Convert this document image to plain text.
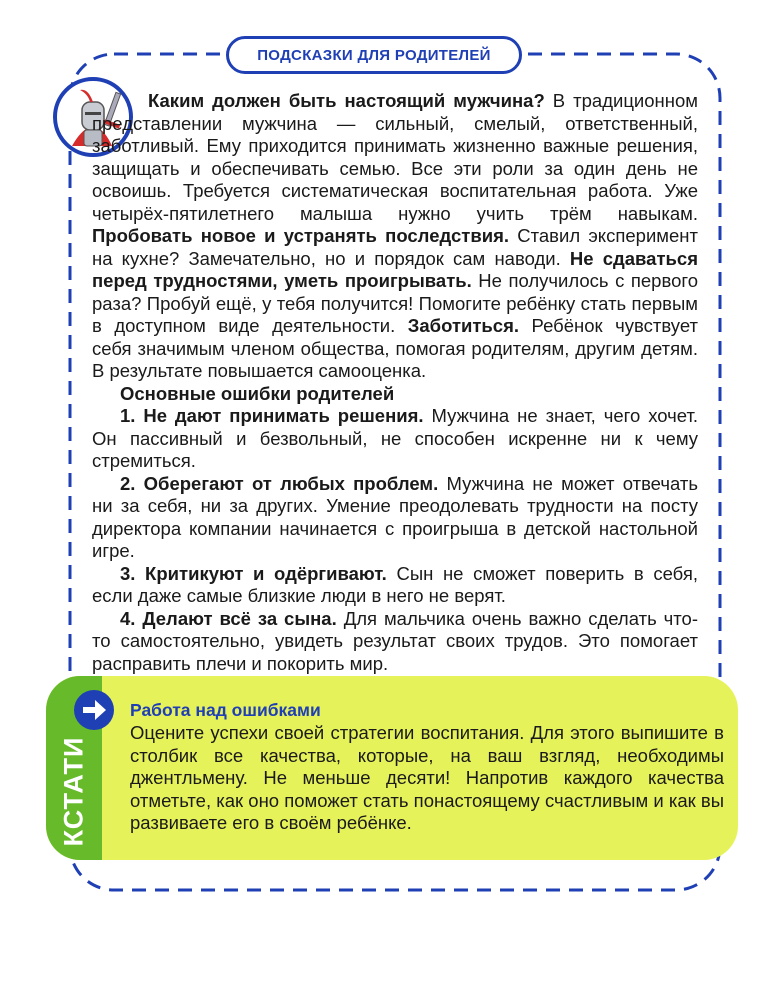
ПОДСКАЗКИ ДЛЯ РОДИТЕЛЕЙ

Каким должен быть настоящий мужчина? В традиционном представлении мужчина — сильный, смелый, ответственный, заботливый. Ему приходится принимать жизненно важные решения, защищать и обеспечивать семью. Все эти роли за один день не освоишь. Требуется систематическая воспитательная работа. Уже четырёх-пятилетнего малыша нужно учить трём навыкам. Пробовать новое и устранять последствия. Ставил эксперимент на кухне? Замечательно, но и порядок сам наводи. Не сдаваться перед трудностями, уметь проигрывать. Не получилось с первого раза? Пробуй ещё, у тебя получится! Помогите ребёнку стать первым в доступном виде деятельности. Заботиться. Ребёнок чувствует себя значимым членом общества, помогая родителям, другим детям. В результате повышается самооценка.

Основные ошибки родителей

1. Не дают принимать решения. Мужчина не знает, чего хочет. Он пассивный и безвольный, не способен искренне ни к чему стремиться.

2. Оберегают от любых проблем. Мужчина не может отвечать ни за себя, ни за других. Умение преодолевать трудности на посту директора компании начинается с проигрыша в детской настольной игре.

3. Критикуют и одёргивают. Сын не сможет поверить в себя, если даже самые близкие люди в него не верят.

4. Делают всё за сына. Для мальчика очень важно сделать что-то самостоятельно, увидеть результат своих трудов. Это помогает расправить плечи и покорить мир.

КСТАТИ
Работа над ошибками
Оцените успехи своей стратегии воспитания. Для этого выпишите в столбик все качества, которые, на ваш взгляд, необходимы джентльмену. Не меньше десяти! Напротив каждого качества отметьте, как оно поможет стать понастоящему счастливым и как вы развиваете его в своём ребёнке.
